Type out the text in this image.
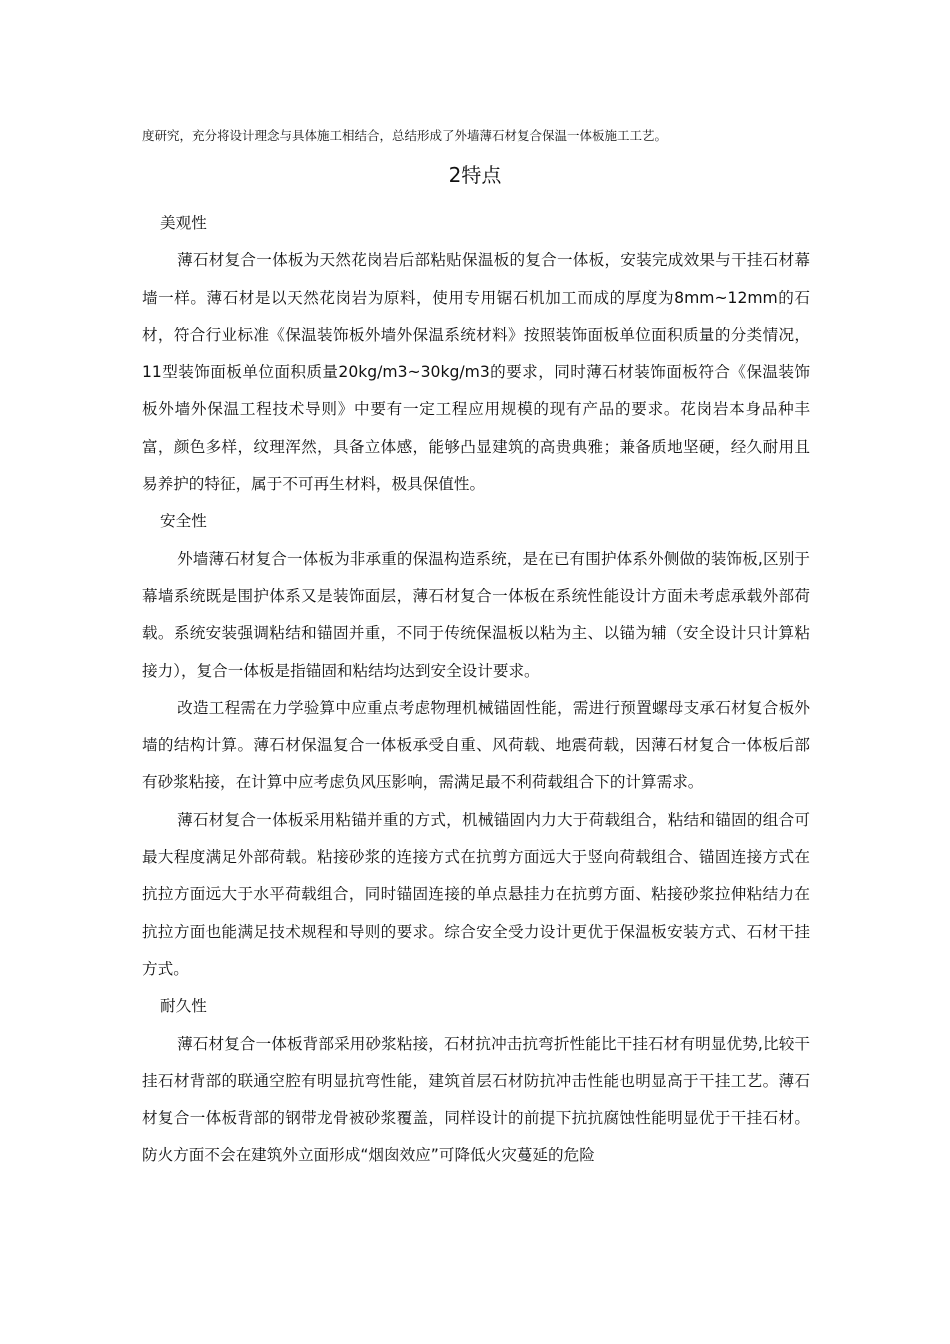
度研究，充分将设计理念与具体施工相结合，总结形成了外墙薄石材复合保温一体板施工工艺。
2特点

美观性

薄石材复合一体板为天然花岗岩后部粘贴保温板的复合一体板，安装完成效果与干挂石材幕墙一样。薄石材是以天然花岗岩为原料，使用专用锯石机加工而成的厚度为8mm~12mm的石材，符合行业标准《保温装饰板外墙外保温系统材料》按照装饰面板单位面积质量的分类情况，11型装饰面板单位面积质量20kg/m3~30kg/m3的要求，同时薄石材装饰面板符合《保温装饰板外墙外保温工程技术导则》中要有一定工程应用规模的现有产品的要求。花岗岩本身品种丰富，颜色多样，纹理浑然，具备立体感，能够凸显建筑的高贵典雅；兼备质地坚硬，经久耐用且易养护的特征，属于不可再生材料，极具保值性。

安全性

外墙薄石材复合一体板为非承重的保温构造系统，是在已有围护体系外侧做的装饰板,区别于幕墙系统既是围护体系又是装饰面层，薄石材复合一体板在系统性能设计方面未考虑承载外部荷载。系统安装强调粘结和锚固并重，不同于传统保温板以粘为主、以锚为辅（安全设计只计算粘接力），复合一体板是指锚固和粘结均达到安全设计要求。

改造工程需在力学验算中应重点考虑物理机械锚固性能，需进行预置螺母支承石材复合板外墙的结构计算。薄石材保温复合一体板承受自重、风荷载、地震荷载，因薄石材复合一体板后部有砂浆粘接，在计算中应考虑负风压影响，需满足最不利荷载组合下的计算需求。

薄石材复合一体板采用粘锚并重的方式，机械锚固内力大于荷载组合，粘结和锚固的组合可最大程度满足外部荷载。粘接砂浆的连接方式在抗剪方面远大于竖向荷载组合、锚固连接方式在抗拉方面远大于水平荷载组合，同时锚固连接的单点悬挂力在抗剪方面、粘接砂浆拉伸粘结力在抗拉方面也能满足技术规程和导则的要求。综合安全受力设计更优于保温板安装方式、石材干挂方式。

耐久性

薄石材复合一体板背部采用砂浆粘接，石材抗冲击抗弯折性能比干挂石材有明显优势,比较干挂石材背部的联通空腔有明显抗弯性能，建筑首层石材防抗冲击性能也明显高于干挂工艺。薄石材复合一体板背部的钢带龙骨被砂浆覆盖，同样设计的前提下抗抗腐蚀性能明显优于干挂石材。防火方面不会在建筑外立面形成“烟囱效应”可降低火灾蔓延的危险
